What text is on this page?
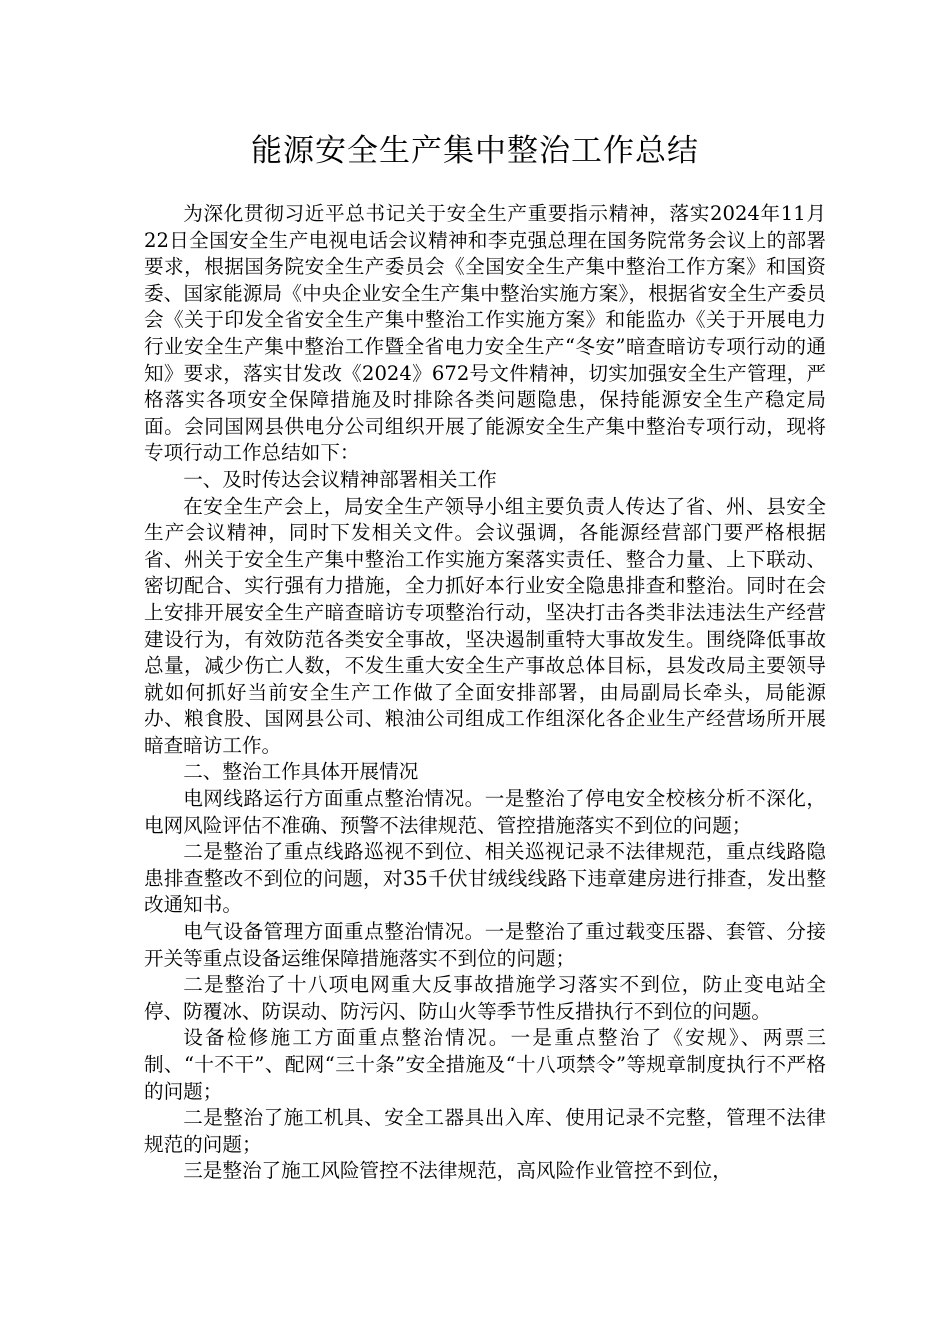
能源安全生产集中整治工作总结

为深化贯彻习近平总书记关于安全生产重要指示精神，落实2024年11月22日全国安全生产电视电话会议精神和李克强总理在国务院常务会议上的部署要求，根据国务院安全生产委员会《全国安全生产集中整治工作方案》和国资委、国家能源局《中央企业安全生产集中整治实施方案》，根据省安全生产委员会《关于印发全省安全生产集中整治工作实施方案》和能监办《关于开展电力行业安全生产集中整治工作暨全省电力安全生产“冬安”暗查暗访专项行动的通知》要求，落实甘发改《2024》672号文件精神，切实加强安全生产管理，严格落实各项安全保障措施及时排除各类问题隐患，保持能源安全生产稳定局面。会同国网县供电分公司组织开展了能源安全生产集中整治专项行动，现将专项行动工作总结如下：

一、及时传达会议精神部署相关工作

在安全生产会上，局安全生产领导小组主要负责人传达了省、州、县安全生产会议精神，同时下发相关文件。会议强调，各能源经营部门要严格根据省、州关于安全生产集中整治工作实施方案落实责任、整合力量、上下联动、密切配合、实行强有力措施，全力抓好本行业安全隐患排查和整治。同时在会上安排开展安全生产暗查暗访专项整治行动，坚决打击各类非法违法生产经营建设行为，有效防范各类安全事故，坚决遏制重特大事故发生。围绕降低事故总量，减少伤亡人数，不发生重大安全生产事故总体目标，县发改局主要领导就如何抓好当前安全生产工作做了全面安排部署，由局副局长牵头，局能源办、粮食股、国网县公司、粮油公司组成工作组深化各企业生产经营场所开展暗查暗访工作。

二、整治工作具体开展情况

电网线路运行方面重点整治情况。一是整治了停电安全校核分析不深化，电网风险评估不准确、预警不法律规范、管控措施落实不到位的问题；

二是整治了重点线路巡视不到位、相关巡视记录不法律规范，重点线路隐患排查整改不到位的问题，对35千伏甘绒线线路下违章建房进行排查，发出整改通知书。

电气设备管理方面重点整治情况。一是整治了重过载变压器、套管、分接开关等重点设备运维保障措施落实不到位的问题；

二是整治了十八项电网重大反事故措施学习落实不到位，防止变电站全停、防覆冰、防误动、防污闪、防山火等季节性反措执行不到位的问题。

设备检修施工方面重点整治情况。一是重点整治了《安规》、两票三制、“十不干”、配网“三十条”安全措施及“十八项禁令”等规章制度执行不严格的问题；

二是整治了施工机具、安全工器具出入库、使用记录不完整，管理不法律规范的问题；

三是整治了施工风险管控不法律规范，高风险作业管控不到位，
